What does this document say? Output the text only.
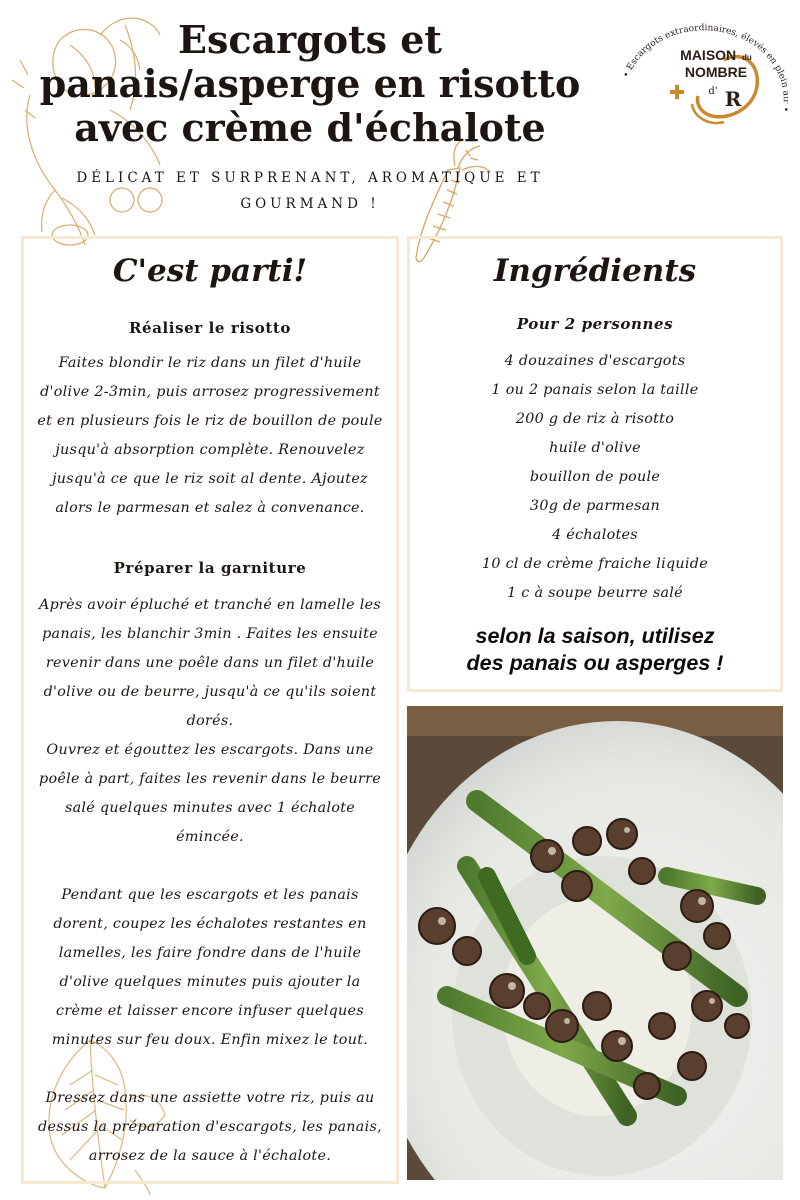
Escargots et panais/asperge en risotto avec crème d'échalote
DÉLICAT ET SURPRENANT, AROMATIQUE ET GOURMAND !
• Escargots extraordinaires, élevés en plei
MAISON du
NOMBRE
d' R
C'est parti!
Réaliser le risotto

Faites blondir le riz dans un filet d'huile

d'olive 2-3min, puis arrosez progressivement

et en plusieurs fois le riz de bouillon de poule

jusqu'à absorption complète. Renouvelez

jusqu'à ce que le riz soit al dente. Ajoutez

alors le parmesan et salez à convenance.

Préparer la garniture

Après avoir épluché et tranché en lamelle les

panais, les blanchir 3min . Faites les ensuite

revenir dans une poêle dans un filet d'huile

d'olive ou de beurre, jusqu'à ce qu'ils soient

dorés.

Ouvrez et égouttez les escargots. Dans une

poêle à part, faites les revenir dans le beurre

salé quelques minutes avec 1 échalote

émincée.

Pendant que les escargots et les panais

dorent, coupez les échalotes restantes en

lamelles, les faire fondre dans de l'huile

d'olive quelques minutes puis ajouter la

crème et laisser encore infuser quelques

minutes sur feu doux. Enfin mixez le tout.

Dressez dans une assiette votre riz, puis au

dessus la préparation d'escargots, les panais,

arrosez de la sauce à l'échalote.

Ingrédients

Pour 2 personnes

4 douzaines d'escargots
1 ou 2 panais selon la taille
200 g de riz à risotto
huile d'olive
bouillon de poule
30g de parmesan
4 échalotes
10 cl de crème fraiche liquide
1 c à soupe beurre salé

selon la saison, utilisez

des panais ou asperges !
